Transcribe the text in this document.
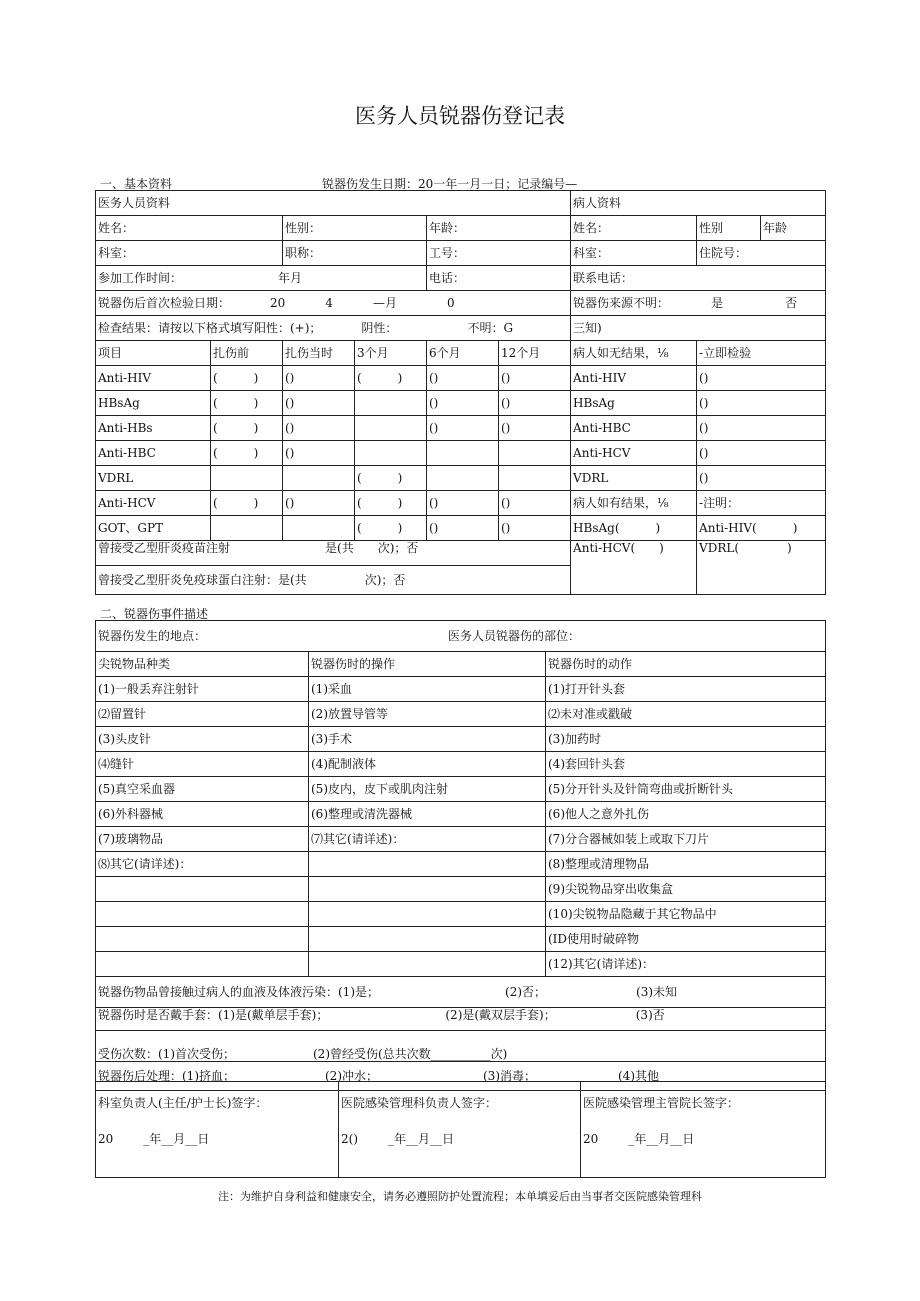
医务人员锐器伤登记表
一、基本资料	锐器伤发生日期：20一年一月一日；记录编号—
医务人员资料						病人资料		
姓名：		性别：		年龄：		姓名：	性别	年龄
科室：		职称：		工号：		科室：	住院号：	
参加工作时间： 年月				电话：		联系电话：		
锐器伤后首次检验日期： 20 4 —月 0						锐器伤来源不明： 是 否		
检查结果：请按以下格式填写阳性：(+)； 阴性： 不明：G						三知)		
项目	扎伤前	扎伤当时	3个月	6个月	12个月	病人如无结果，⅛	-立即检验	
Anti-HIV	(　　　)	()	(　　　)	()	()	Anti-HIV	()	
HBsAg	(　　　)	()		()	()	HBsAg	()	
Anti-HBs	(　　　)	()		()	()	Anti-HBC	()	
Anti-HBC	(　　　)	()				Anti-HCV	()	
VDRL			(　　　)			VDRL	()	
Anti-HCV	(　　　)	()	(　　　)	()	()	病人如有结果，⅛	-注明：	
GOT、GPT			(　　　)	()	()	HBsAg(　　　)	Anti-HIV(　　　)	
曾接受乙型肝炎疫苗注射 是(共　　次)；否						Anti-HCV(　　)	VDRL(　　　　)	
曾接受乙型肝炎免疫球蛋白注射：是(共 次)；否								
二、锐器伤事件描述
锐器伤发生的地点： 医务人员锐器伤的部位：		
尖锐物品种类	锐器伤时的操作	锐器伤时的动作
(1)一般丢弃注射针	(1)采血	(1)打开针头套
⑵留置针	(2)放置导管等	⑵未对准或戳破
(3)头皮针	(3)手术	(3)加药时
⑷缝针	(4)配制液体	(4)套回针头套
(5)真空采血器	(5)皮内，皮下或肌肉注射	(5)分开针头及针筒弯曲或折断针头
(6)外科器械	(6)整理或清洗器械	(6)他人之意外扎伤
(7)玻璃物品	⑺其它(请详述)：	(7)分合器械如装上或取下刀片
⑻其它(请详述)：		(8)整理或清理物品
		(9)尖锐物品穿出收集盒
		(10)尖锐物品隐藏于其它物品中
		(ID使用时破碎物
		(12)其它(请详述)：
锐器伤物品曾接触过病人的血液及体液污染：(1)是； (2)否； (3)未知		
锐器伤时是否戴手套：(1)是(戴单层手套)； (2)是(戴双层手套)； (3)否		
受伤次数：(1)首次受伤； (2)曾经受伤(总共次数__________次)		
锐器伤后处理：(1)挤血； (2)冲水； (3)消毒； (4)其他		
科室负责人(主任/护士长)签字：
20	_年__月__日

医院感染管理科负责人签字：
2()	_年__月__日

医院感染管理主管院长签字：
20	_年__月__日
注：为维护自身利益和健康安全，请务必遵照防护处置流程；本单填妥后由当事者交医院感染管理科
